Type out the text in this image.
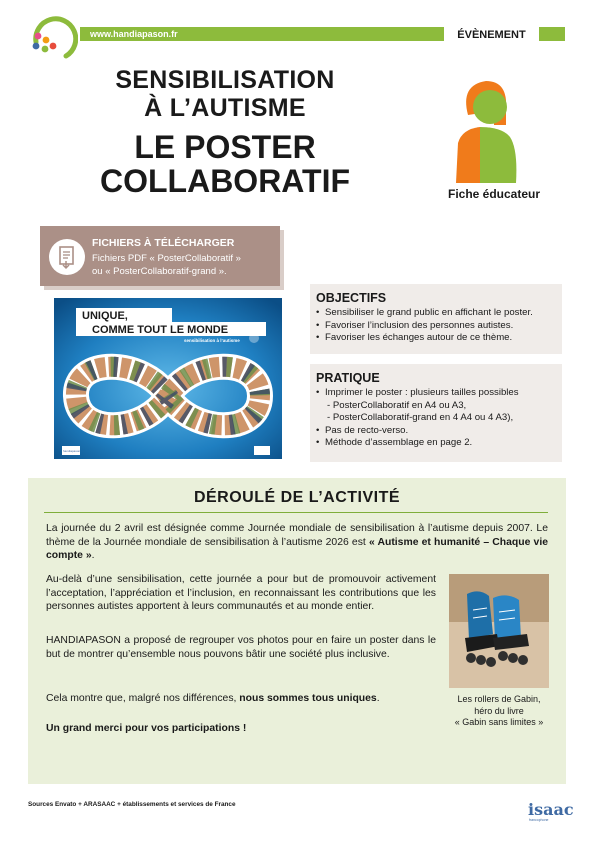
www.handiapason.fr	ÉVÈNEMENT
SENSIBILISATION
À L’AUTISME
LE POSTER
COLLABORATIF	Fiche éducateur
FICHIERS À TÉLÉCHARGER
Fichiers PDF « PosterCollaboratif »
ou « PosterCollaboratif-grand ».
UNIQUE,
COMME TOUT LE MONDE
sensibilisation à l’autisme
handiapason
OBJECTIFS
• Sensibiliser le grand public en affichant le poster.
• Favoriser l’inclusion des personnes autistes.
• Favoriser les échanges autour de ce thème.
PRATIQUE
• Imprimer le poster : plusieurs tailles possibles
- PosterCollaboratif en A4 ou A3,
- PosterCollaboratif-grand en 4 A4 ou 4 A3),
• Pas de recto-verso.
• Méthode d’assemblage en page 2.
DÉROULÉ DE L’ACTIVITÉ

La journée du 2 avril est désignée comme Journée mondiale de sensibilisation à l’autisme depuis 2007. Le thème de la Journée mondiale de sensibilisation à l’autisme 2026 est « Autisme et humanité – Chaque vie compte ».

Au-delà d’une sensibilisation, cette journée a pour but de promouvoir activement l’acceptation, l’appréciation et l’inclusion, en reconnaissant les contributions que les personnes autistes apportent à leurs communautés et au monde entier.

HANDIAPASON a proposé de regrouper vos photos pour en faire un poster dans le but de montrer qu’ensemble nous pouvons bâtir une société plus inclusive.

Cela montre que, malgré nos différences, nous sommes tous uniques.

Un grand merci pour vos participations !

Les rollers de Gabin,
héro du livre
« Gabin sans limites »
Sources Envato + ARASAAC + établissements et services de France	isaac
francophone
